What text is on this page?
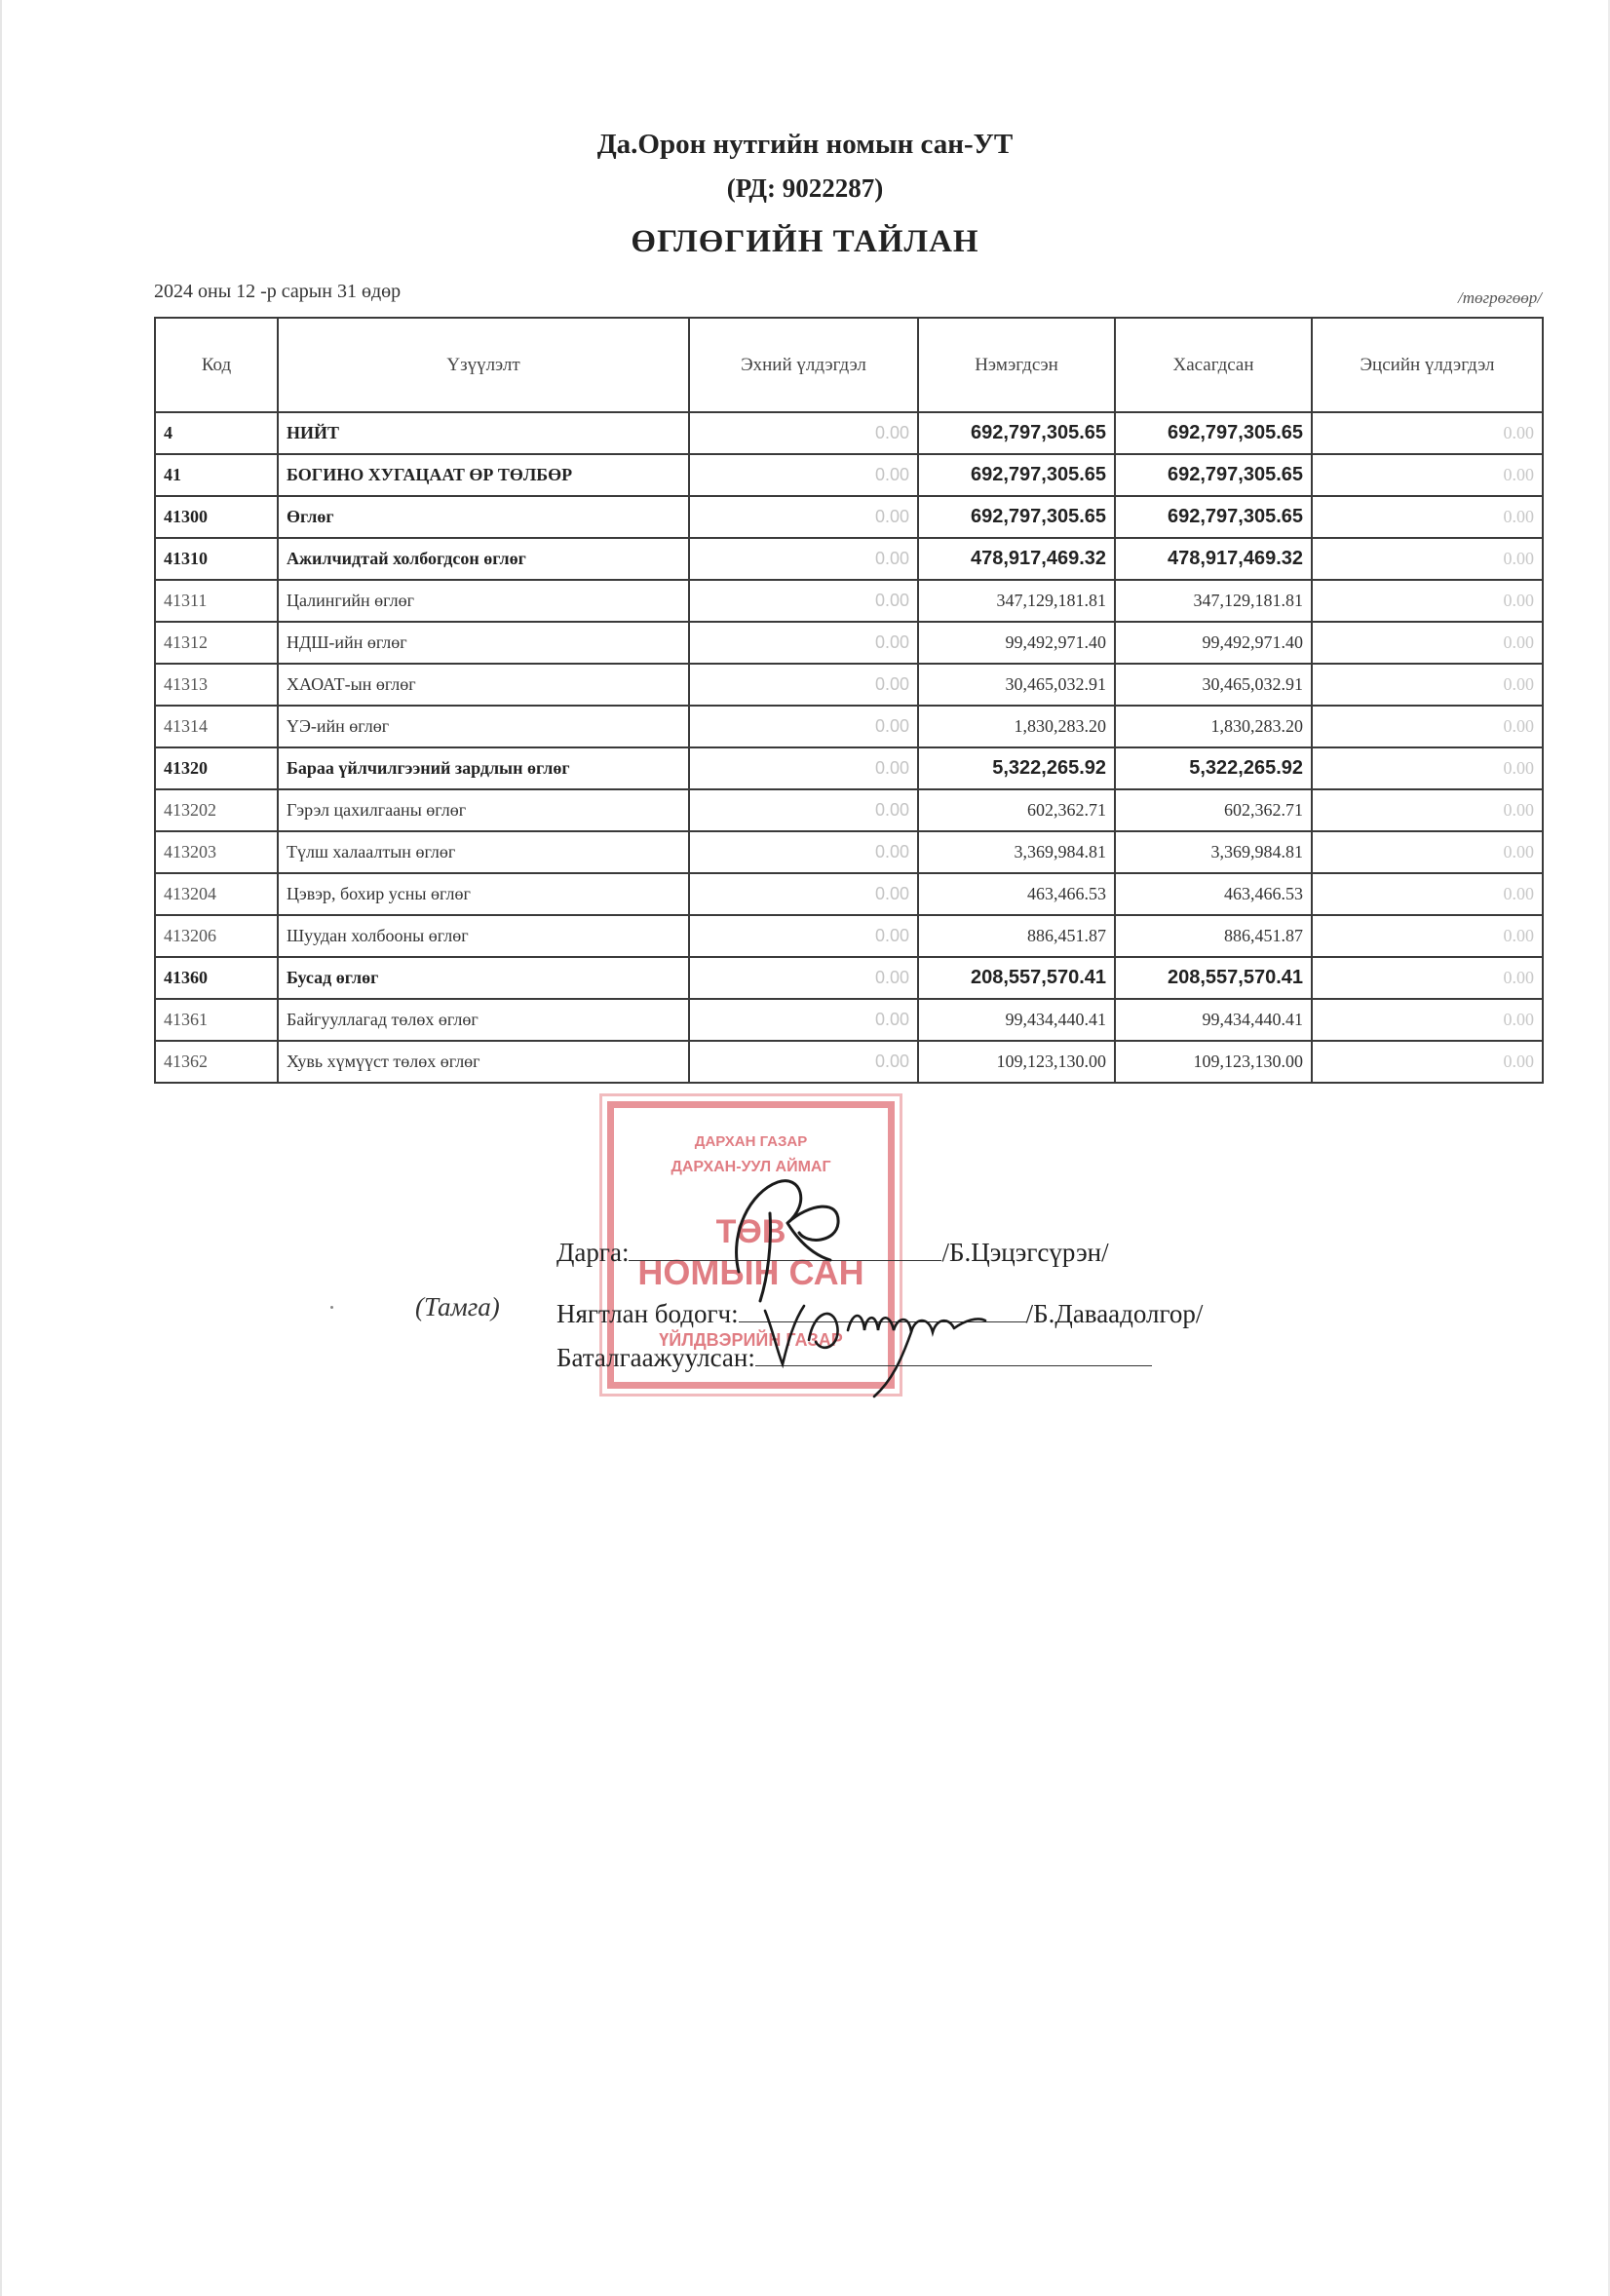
Да.Орон нутгийн номын сан-УТ
(РД: 9022287)
ӨГЛӨГИЙН ТАЙЛАН
2024 оны 12 -р сарын 31 өдөр	/төгрөгөөр/
Код	Үзүүлэлт	Эхний үлдэгдэл	Нэмэгдсэн	Хасагдсан	Эцсийн үлдэгдэл
4	НИЙТ	0.00	692,797,305.65	692,797,305.65	0.00
41	БОГИНО ХУГАЦААТ ӨР ТӨЛБӨР	0.00	692,797,305.65	692,797,305.65	0.00
41300	Өглөг	0.00	692,797,305.65	692,797,305.65	0.00
41310	Ажилчидтай холбогдсон өглөг	0.00	478,917,469.32	478,917,469.32	0.00
41311	Цалингийн өглөг	0.00	347,129,181.81	347,129,181.81	0.00
41312	НДШ-ийн өглөг	0.00	99,492,971.40	99,492,971.40	0.00
41313	ХАОАТ-ын өглөг	0.00	30,465,032.91	30,465,032.91	0.00
41314	ҮЭ-ийн өглөг	0.00	1,830,283.20	1,830,283.20	0.00
41320	Бараа үйлчилгээний зардлын өглөг	0.00	5,322,265.92	5,322,265.92	0.00
413202	Гэрэл цахилгааны өглөг	0.00	602,362.71	602,362.71	0.00
413203	Түлш халаалтын өглөг	0.00	3,369,984.81	3,369,984.81	0.00
413204	Цэвэр, бохир усны өглөг	0.00	463,466.53	463,466.53	0.00
413206	Шуудан холбооны өглөг	0.00	886,451.87	886,451.87	0.00
41360	Бусад өглөг	0.00	208,557,570.41	208,557,570.41	0.00
41361	Байгууллагад төлөх өглөг	0.00	99,434,440.41	99,434,440.41	0.00
41362	Хувь хүмүүст төлөх өглөг	0.00	109,123,130.00	109,123,130.00	0.00
ДАРХАН ГАЗАР
ДАРХАН-УУЛ АЙМАГ
ТӨВ
НОМЫН САН
ҮЙЛДВЭРИЙН ГАЗАР
(Тамга)
Дарга:	/Б.Цэцэгсүрэн/
Нягтлан бодогч:	/Б.Даваадолгор/
Баталгаажуулсан:
